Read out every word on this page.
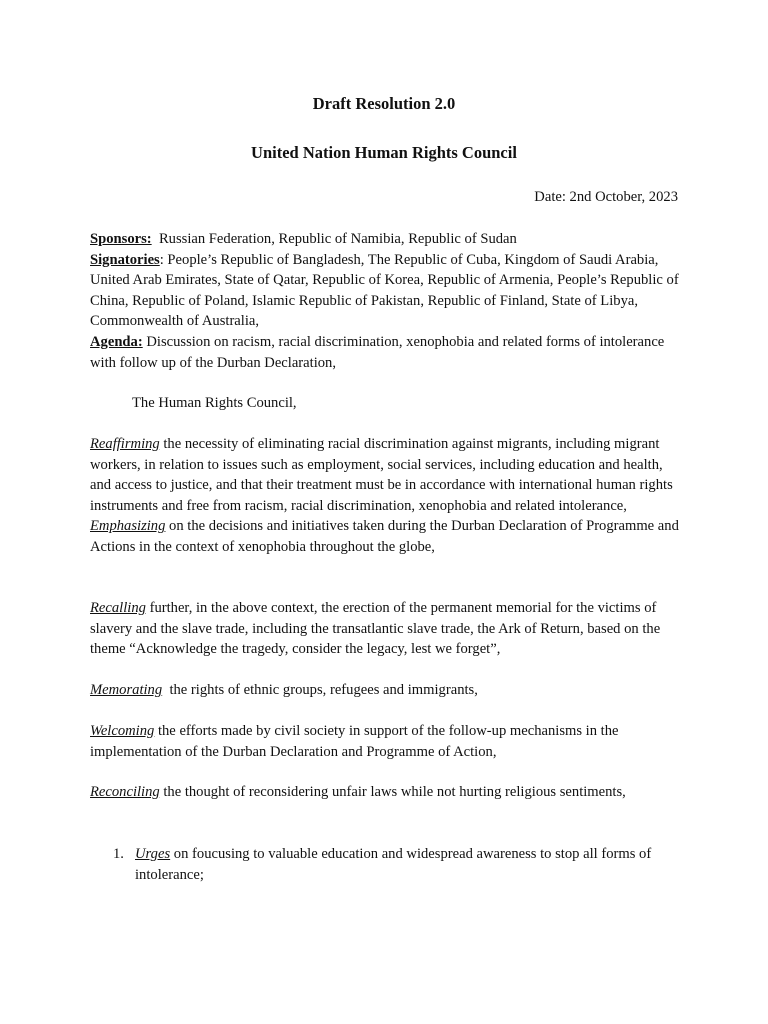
Draft Resolution 2.0
United Nation Human Rights Council
Date: 2nd October, 2023
Sponsors:  Russian Federation, Republic of Namibia, Republic of Sudan
Signatories: People’s Republic of Bangladesh, The Republic of Cuba, Kingdom of Saudi Arabia, United Arab Emirates, State of Qatar, Republic of Korea, Republic of Armenia, People’s Republic of China, Republic of Poland, Islamic Republic of Pakistan, Republic of Finland, State of Libya, Commonwealth of Australia,
Agenda: Discussion on racism, racial discrimination, xenophobia and related forms of intolerance with follow up of the Durban Declaration,
The Human Rights Council,
Reaffirming the necessity of eliminating racial discrimination against migrants, including migrant workers, in relation to issues such as employment, social services, including education and health, and access to justice, and that their treatment must be in accordance with international human rights instruments and free from racism, racial discrimination, xenophobia and related intolerance,
Emphasizing on the decisions and initiatives taken during the Durban Declaration of Programme and Actions in the context of xenophobia throughout the globe,
Recalling further, in the above context, the erection of the permanent memorial for the victims of slavery and the slave trade, including the transatlantic slave trade, the Ark of Return, based on the theme “Acknowledge the tragedy, consider the legacy, lest we forget”,
Memorating  the rights of ethnic groups, refugees and immigrants,
Welcoming the efforts made by civil society in support of the follow-up mechanisms in the implementation of the Durban Declaration and Programme of Action,
Reconciling the thought of reconsidering unfair laws while not hurting religious sentiments,
1. Urges on foucusing to valuable education and widespread awareness to stop all forms of intolerance;
